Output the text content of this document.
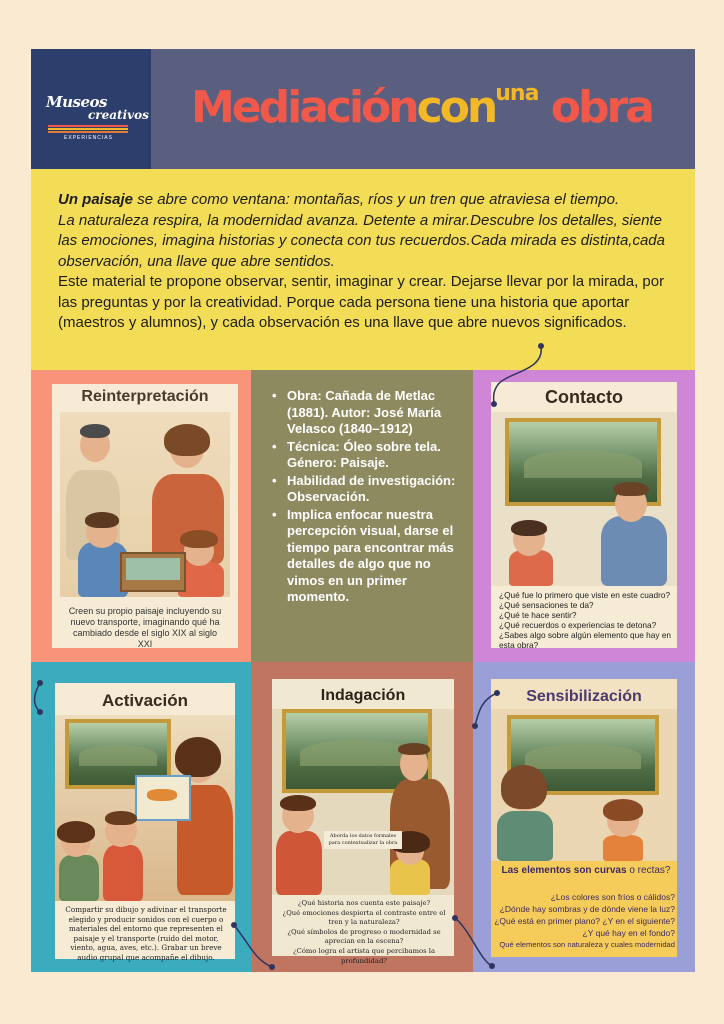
Museos
creativos
EXPERIENCIAS
Mediacióncon$^{una}$ obra
Un paisaje se abre como ventana: montañas, ríos y un tren que atraviesa el tiempo.
La naturaleza respira, la modernidad avanza. Detente a mirar.Descubre los detalles, siente las emociones, imagina historias y conecta con tus recuerdos.Cada mirada es distinta,cada observación, una llave que abre sentidos.
Este material te propone observar, sentir, imaginar y crear. Dejarse llevar por la mirada, por las preguntas y por la creatividad. Porque cada persona tiene una historia que aportar (maestros y alumnos), y cada observación es una llave que abre nuevos significados.
Reinterpretación
Creen su propio paisaje incluyendo su nuevo transporte, imaginando qué ha cambiado desde el siglo XIX al siglo XXI
• Obra: Cañada de Metlac (1881). Autor: José María Velasco (1840–1912)
• Técnica: Óleo sobre tela. Género: Paisaje.
• Habilidad de investigación: Observación.
• Implica enfocar nuestra percepción visual, darse el tiempo para encontrar más detalles de algo que no vimos en un primer momento.
Contacto
¿Qué fue lo primero que viste en este cuadro?
¿Qué sensaciones te da?
¿Qué te hace sentir?
¿Qué recuerdos o experiencias te detona?
¿Sabes algo sobre algún elemento que hay en esta obra?
Activación
Compartir su dibujo y adivinar el transporte elegido y producir sonidos con el cuerpo o materiales del entorno que representen el paisaje y el transporte (ruido del motor, viento, agua, aves, etc.). Grabar un breve audio grupal que acompañe el dibujo.
Indagación
Aborda los datos formales para contextualizar la obra
¿Qué historia nos cuenta este paisaje?
¿Qué emociones despierta el contraste entre el tren y la naturaleza?
¿Qué símbolos de progreso o modernidad se aprecian en la escena?
¿Cómo logra el artista que percibamos la profundidad?
Sensibilización
Las elementos son curvas o rectas?
¿Los colores son fríos o cálidos?
¿Dónde hay sombras y de dónde viene la luz?
¿Qué está en primer plano? ¿Y en el siguiente?
¿Y qué hay en el fondo?
Qué elementos son naturaleza y cuales modernidad
